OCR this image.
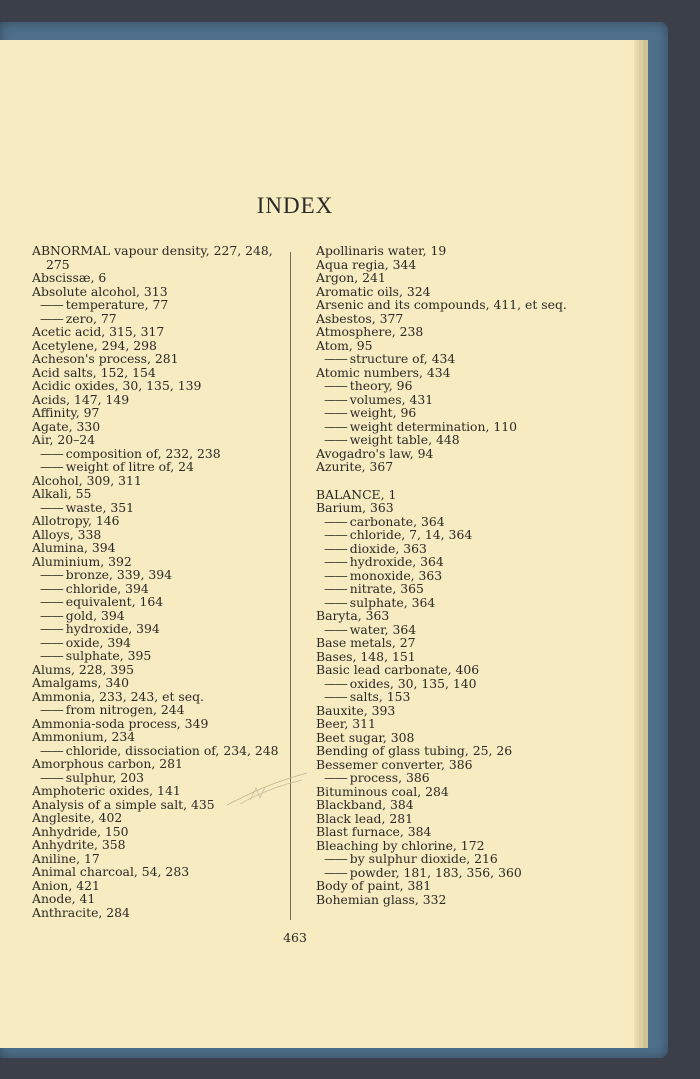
INDEX

ABNORMAL vapour density, 227, 248, 275

Abscissæ, 6

Absolute alcohol, 313

—— temperature, 77

—— zero, 77

Acetic acid, 315, 317

Acetylene, 294, 298

Acheson's process, 281

Acid salts, 152, 154

Acidic oxides, 30, 135, 139

Acids, 147, 149

Affinity, 97

Agate, 330

Air, 20–24

—— composition of, 232, 238

—— weight of litre of, 24

Alcohol, 309, 311

Alkali, 55

—— waste, 351

Allotropy, 146

Alloys, 338

Alumina, 394

Aluminium, 392

—— bronze, 339, 394

—— chloride, 394

—— equivalent, 164

—— gold, 394

—— hydroxide, 394

—— oxide, 394

—— sulphate, 395

Alums, 228, 395

Amalgams, 340

Ammonia, 233, 243, et seq.

—— from nitrogen, 244

Ammonia-soda process, 349

Ammonium, 234

—— chloride, dissociation of, 234, 248

Amorphous carbon, 281

—— sulphur, 203

Amphoteric oxides, 141

Analysis of a simple salt, 435

Anglesite, 402

Anhydride, 150

Anhydrite, 358

Aniline, 17

Animal charcoal, 54, 283

Anion, 421

Anode, 41

Anthracite, 284

Apollinaris water, 19

Aqua regia, 344

Argon, 241

Aromatic oils, 324

Arsenic and its compounds, 411, et seq.

Asbestos, 377

Atmosphere, 238

Atom, 95

—— structure of, 434

Atomic numbers, 434

—— theory, 96

—— volumes, 431

—— weight, 96

—— weight determination, 110

—— weight table, 448

Avogadro's law, 94

Azurite, 367

BALANCE, 1

Barium, 363

—— carbonate, 364

—— chloride, 7, 14, 364

—— dioxide, 363

—— hydroxide, 364

—— monoxide, 363

—— nitrate, 365

—— sulphate, 364

Baryta, 363

—— water, 364

Base metals, 27

Bases, 148, 151

Basic lead carbonate, 406

—— oxides, 30, 135, 140

—— salts, 153

Bauxite, 393

Beer, 311

Beet sugar, 308

Bending of glass tubing, 25, 26

Bessemer converter, 386

—— process, 386

Bituminous coal, 284

Blackband, 384

Black lead, 281

Blast furnace, 384

Bleaching by chlorine, 172

—— by sulphur dioxide, 216

—— powder, 181, 183, 356, 360

Body of paint, 381

Bohemian glass, 332

463
